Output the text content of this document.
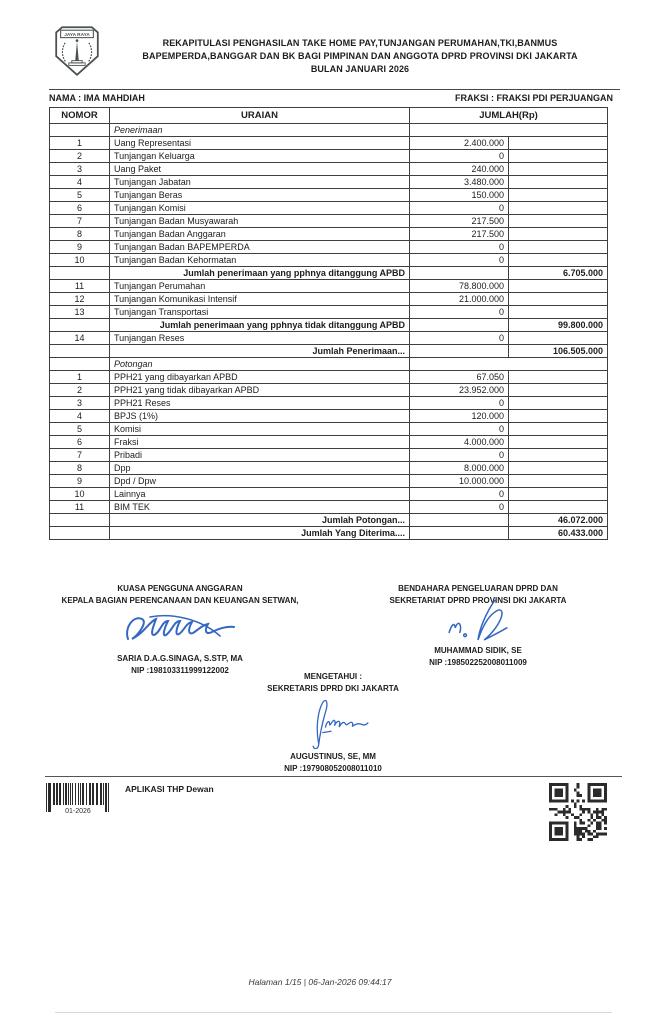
JAYA RAYA
REKAPITULASI PENGHASILAN TAKE HOME PAY,TUNJANGAN PERUMAHAN,TKI,BANMUS
BAPEMPERDA,BANGGAR DAN BK BAGI PIMPINAN DAN ANGGOTA DPRD PROVINSI DKI JAKARTA
BULAN JANUARI 2026
NAMA : IMA MAHDIAH	FRAKSI : FRAKSI PDI PERJUANGAN
NOMOR	URAIAN	JUMLAH(Rp)	
	Penerimaan		
1	Uang Representasi	2.400.000	
2	Tunjangan Keluarga	0	
3	Uang Paket	240.000	
4	Tunjangan Jabatan	3.480.000	
5	Tunjangan Beras	150.000	
6	Tunjangan Komisi	0	
7	Tunjangan Badan Musyawarah	217.500	
8	Tunjangan Badan Anggaran	217.500	
9	Tunjangan Badan BAPEMPERDA	0	
10	Tunjangan Badan Kehormatan	0	
	Jumlah penerimaan yang pphnya ditanggung APBD		6.705.000
11	Tunjangan Perumahan	78.800.000	
12	Tunjangan Komunikasi Intensif	21.000.000	
13	Tunjangan Transportasi	0	
	Jumlah penerimaan yang pphnya tidak ditanggung APBD		99.800.000
14	Tunjangan Reses	0	
	Jumlah Penerimaan...		106.505.000
	Potongan		
1	PPH21 yang dibayarkan APBD	67.050	
2	PPH21 yang tidak dibayarkan APBD	23.952.000	
3	PPH21 Reses	0	
4	BPJS (1%)	120.000	
5	Komisi	0	
6	Fraksi	4.000.000	
7	Pribadi	0	
8	Dpp	8.000.000	
9	Dpd / Dpw	10.000.000	
10	Lainnya	0	
11	BIM TEK	0	
	Jumlah Potongan...		46.072.000
	Jumlah Yang Diterima....		60.433.000
KUASA PENGGUNA ANGGARAN
KEPALA BAGIAN PERENCANAAN DAN KEUANGAN SETWAN,
SARIA D.A.G.SINAGA, S.STP, MA
NIP :198103311999122002
BENDAHARA PENGELUARAN DPRD DAN
SEKRETARIAT DPRD PROVINSI DKI JAKARTA
MUHAMMAD SIDIK, SE
NIP :198502252008011009
MENGETAHUI :
SEKRETARIS DPRD DKI JAKARTA
AUGUSTINUS, SE, MM
NIP :197908052008011010
01-2026
APLIKASI THP Dewan
Halaman 1/15 | 06-Jan-2026 09:44:17
